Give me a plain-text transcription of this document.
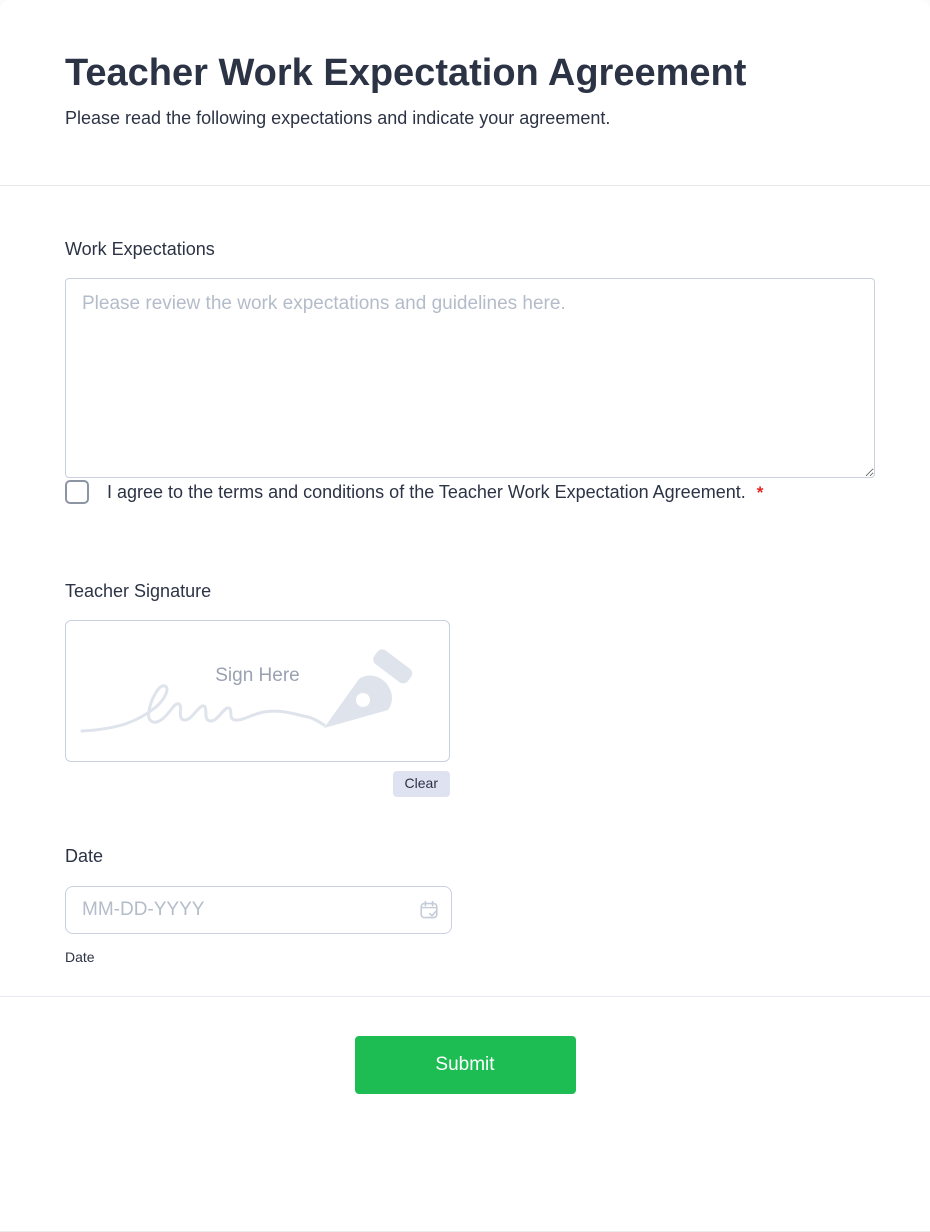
Teacher Work Expectation Agreement
Please read the following expectations and indicate your agreement.
Work Expectations
Please review the work expectations and guidelines here.  I agree to the terms and conditions of the Teacher Work Expectation Agreement. *
Teacher Signature
Sign Here
Clear
Date
MM-DD-YYYY
Date
Submit
